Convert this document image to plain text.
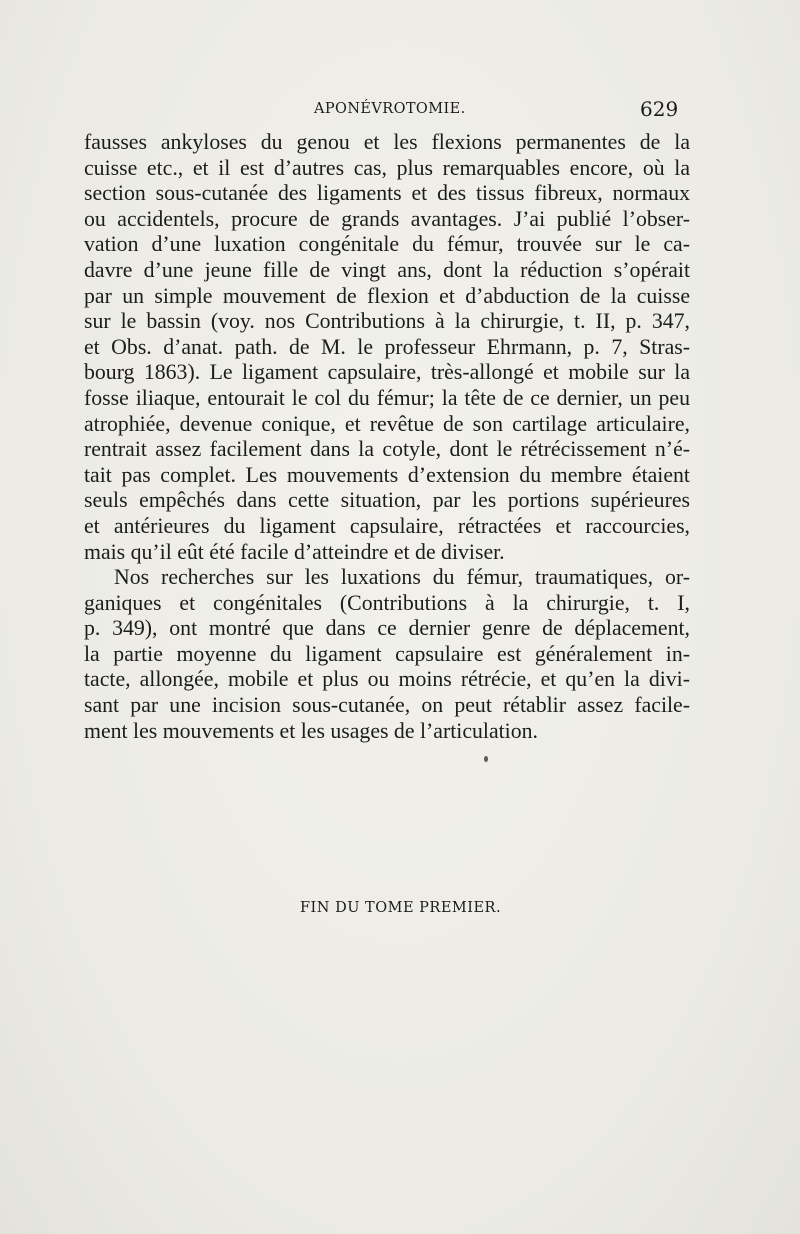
APONÉVROTOMIE.	629
fausses ankyloses du genou et les flexions permanentes de la
cuisse etc., et il est d’autres cas, plus remarquables encore, où la
section sous-cutanée des ligaments et des tissus fibreux, normaux
ou accidentels, procure de grands avantages. J’ai publié l’obser-
vation d’une luxation congénitale du fémur, trouvée sur le ca-
davre d’une jeune fille de vingt ans, dont la réduction s’opérait
par un simple mouvement de flexion et d’abduction de la cuisse
sur le bassin (voy. nos Contributions à la chirurgie, t. II, p. 347,
et Obs. d’anat. path. de M. le professeur Ehrmann, p. 7, Stras-
bourg 1863). Le ligament capsulaire, très-allongé et mobile sur la
fosse iliaque, entourait le col du fémur; la tête de ce dernier, un peu
atrophiée, devenue conique, et revêtue de son cartilage articulaire,
rentrait assez facilement dans la cotyle, dont le rétrécissement n’é-
tait pas complet. Les mouvements d’extension du membre étaient
seuls empêchés dans cette situation, par les portions supérieures
et antérieures du ligament capsulaire, rétractées et raccourcies,
mais qu’il eût été facile d’atteindre et de diviser.
Nos recherches sur les luxations du fémur, traumatiques, or-
ganiques et congénitales (Contributions à la chirurgie, t. I,
p. 349), ont montré que dans ce dernier genre de déplacement,
la partie moyenne du ligament capsulaire est généralement in-
tacte, allongée, mobile et plus ou moins rétrécie, et qu’en la divi-
sant par une incision sous-cutanée, on peut rétablir assez facile-
ment les mouvements et les usages de l’articulation.
FIN DU TOME PREMIER.
